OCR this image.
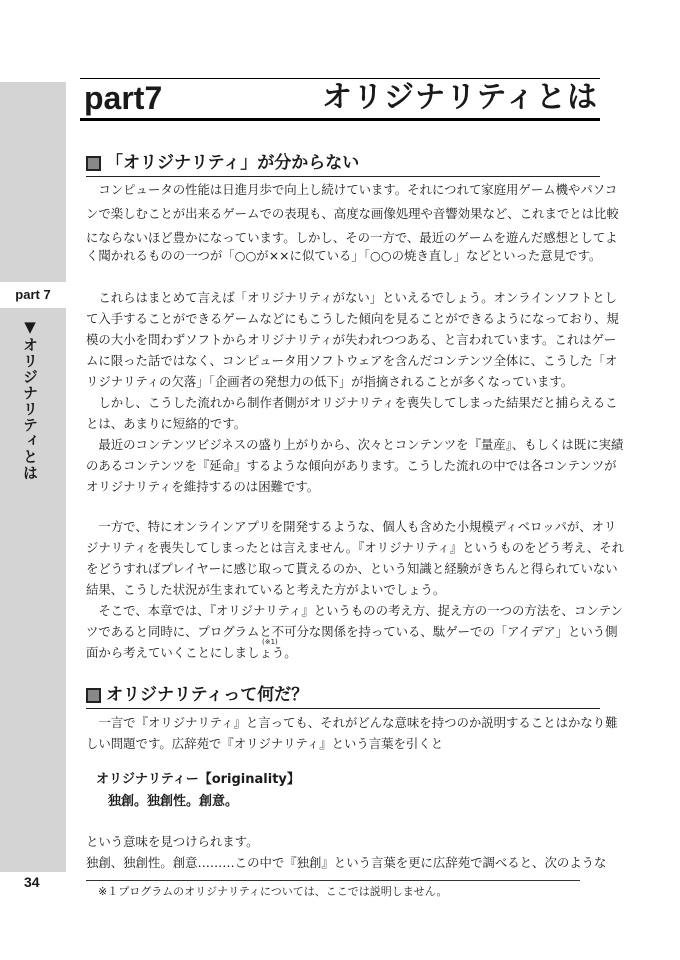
part 7
▼オリジナリティとは
34
part7	オリジナリティとは
「オリジナリティ」が分からない
　コンピュータの性能は日進月歩で向上し続けています。それにつれて家庭用ゲーム機やパソコ
ンで楽しむことが出来るゲームでの表現も、高度な画像処理や音響効果など、これまでとは比較
にならないほど豊かになっています。しかし、その一方で、最近のゲームを遊んだ感想としてよ
く聞かれるものの一つが「○○が××に似ている」「○○の焼き直し」などといった意見です。
　これらはまとめて言えば「オリジナリティがない」といえるでしょう。オンラインソフトとし
て入手することができるゲームなどにもこうした傾向を見ることができるようになっており、規
模の大小を問わずソフトからオリジナリティが失われつつある、と言われています。これはゲー
ムに限った話ではなく、コンピュータ用ソフトウェアを含んだコンテンツ全体に、こうした「オ
リジナリティの欠落」「企画者の発想力の低下」が指摘されることが多くなっています。
　しかし、こうした流れから制作者側がオリジナリティを喪失してしまった結果だと捕らえるこ
とは、あまりに短絡的です。
　最近のコンテンツビジネスの盛り上がりから、次々とコンテンツを『量産』、もしくは既に実績
のあるコンテンツを『延命』するような傾向があります。こうした流れの中では各コンテンツが
オリジナリティを維持するのは困難です。
　一方で、特にオンラインアプリを開発するような、個人も含めた小規模ディベロッパが、オリ
ジナリティを喪失してしまったとは言えません。『オリジナリティ』というものをどう考え、それ
をどうすればプレイヤーに感じ取って貰えるのか、という知識と経験がきちんと得られていない
結果、こうした状況が生まれていると考えた方がよいでしょう。
　そこで、本章では、『オリジナリティ』というものの考え方、捉え方の一つの方法を、コンテン
ツであると同時に、プログラムと不可分な関係を持っている、駄ゲーでの「アイデア」という側
面から考えていくことにしましょう。
(※1)
オリジナリティって何だ？
　一言で『オリジナリティ』と言っても、それがどんな意味を持つのか説明することはかなり難
しい問題です。広辞苑で『オリジナリティ』という言葉を引くと
オリジナリティー【originality】
独創。独創性。創意。
という意味を見つけられます。
独創、独創性。創意………この中で『独創』という言葉を更に広辞苑で調べると、次のような
※１プログラムのオリジナリティについては、ここでは説明しません。
